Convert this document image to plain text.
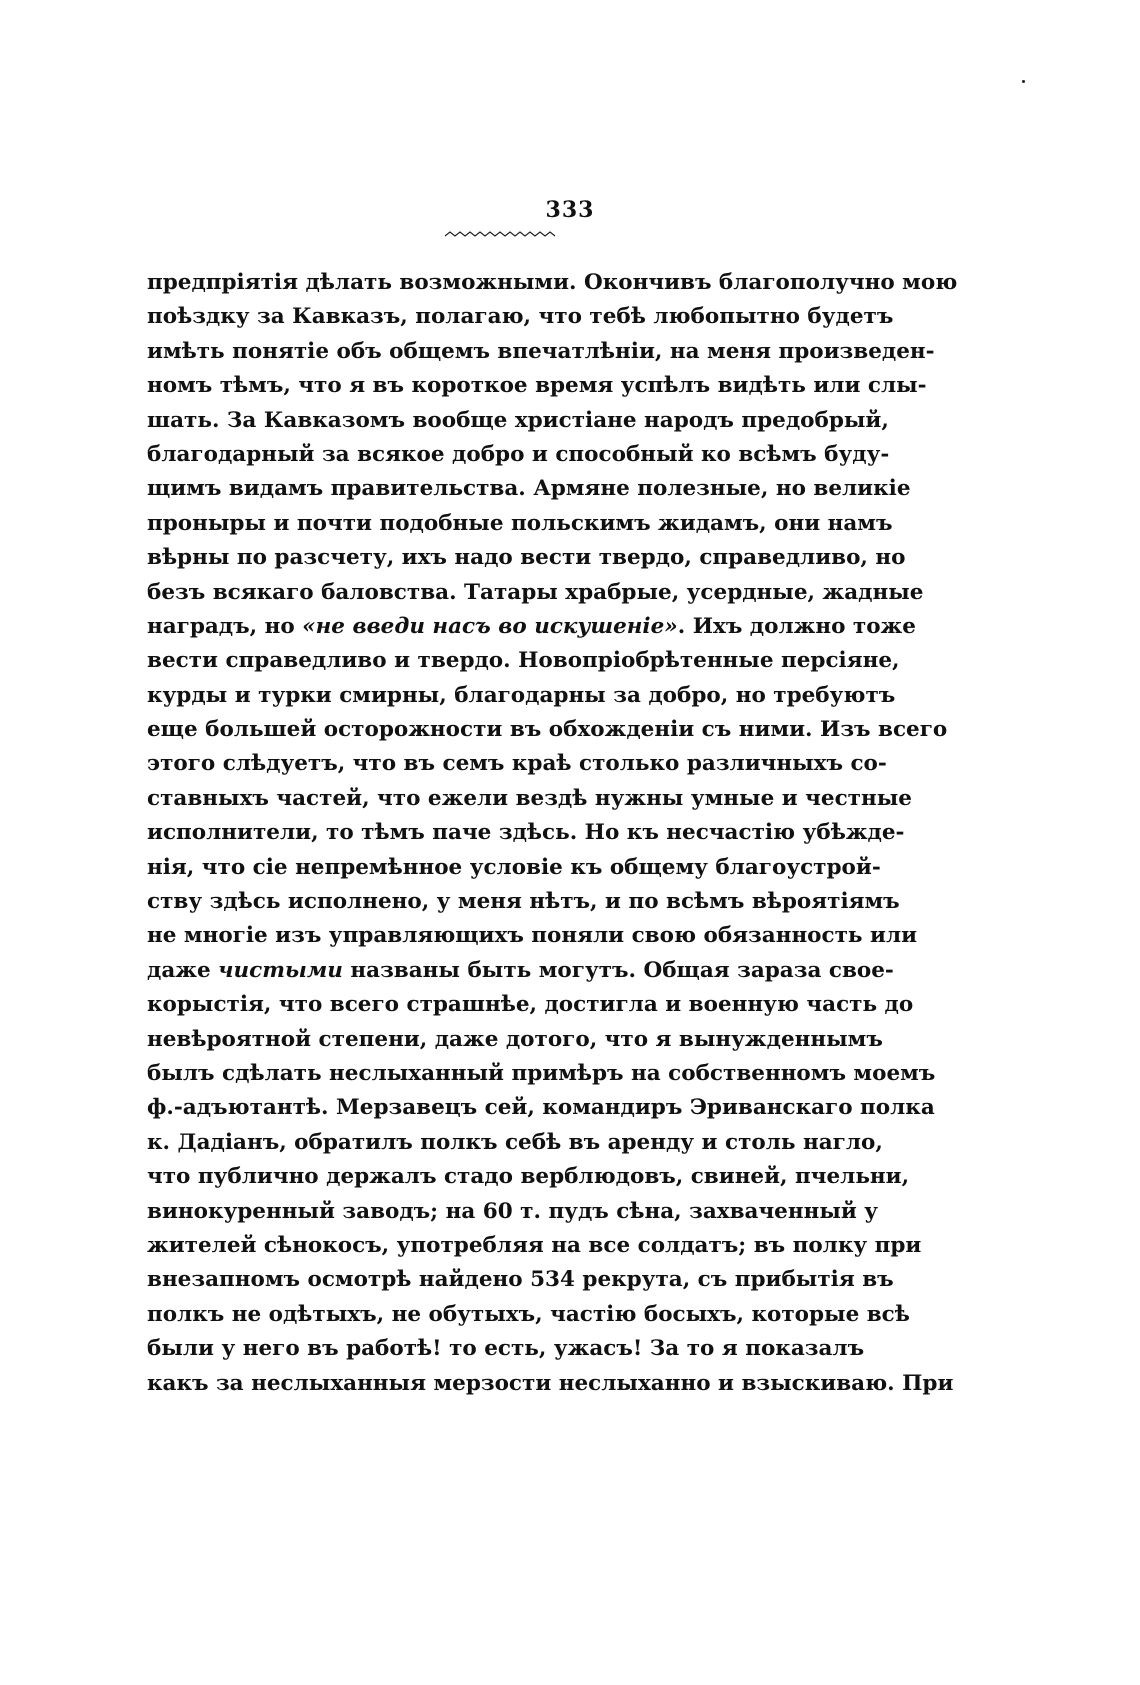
333
предпріятія дѣлать возможными. Окончивъ благополучно мою
поѣздку за Кавказъ, полагаю, что тебѣ любопытно будетъ
имѣть понятіе объ общемъ впечатлѣніи, на меня произведен-
номъ тѣмъ, что я въ короткое время успѣлъ видѣть или слы-
шать. За Кавказомъ вообще христіане народъ предобрый,
благодарный за всякое добро и способный ко всѣмъ буду-
щимъ видамъ правительства. Армяне полезные, но великіе
проныры и почти подобные польскимъ жидамъ, они намъ
вѣрны по разсчету, ихъ надо вести твердо, справедливо, но
безъ всякаго баловства. Татары храбрые, усердные, жадные
наградъ, но «не введи насъ во искушеніе». Ихъ должно тоже
вести справедливо и твердо. Новопріобрѣтенные персіяне,
курды и турки смирны, благодарны за добро, но требуютъ
еще большей осторожности въ обхожденіи съ ними. Изъ всего
этого слѣдуетъ, что въ семъ краѣ столько различныхъ со-
ставныхъ частей, что ежели вездѣ нужны умные и честные
исполнители, то тѣмъ паче здѣсь. Но къ несчастію убѣжде-
нія, что сіе непремѣнное условіе къ общему благоустрой-
ству здѣсь исполнено, у меня нѣтъ, и по всѣмъ вѣроятіямъ
не многіе изъ управляющихъ поняли свою обязанность или
даже чистыми названы быть могутъ. Общая зараза свое-
корыстія, что всего страшнѣе, достигла и военную часть до
невѣроятной степени, даже дотого, что я вынужденнымъ
былъ сдѣлать неслыханный примѣръ на собственномъ моемъ
ф.-адъютантѣ. Мерзавецъ сей, командиръ Эриванскаго полка
к. Дадіанъ, обратилъ полкъ себѣ въ аренду и столь нагло,
что публично держалъ стадо верблюдовъ, свиней, пчельни,
винокуренный заводъ; на 60 т. пудъ сѣна, захваченный у
жителей сѣнокосъ, употребляя на все солдатъ; въ полку при
внезапномъ осмотрѣ найдено 534 рекрута, съ прибытія въ
полкъ не одѣтыхъ, не обутыхъ, частію босыхъ, которые всѣ
были у него въ работѣ! то есть, ужасъ! За то я показалъ
какъ за неслыханныя мерзости неслыханно и взыскиваю. При
